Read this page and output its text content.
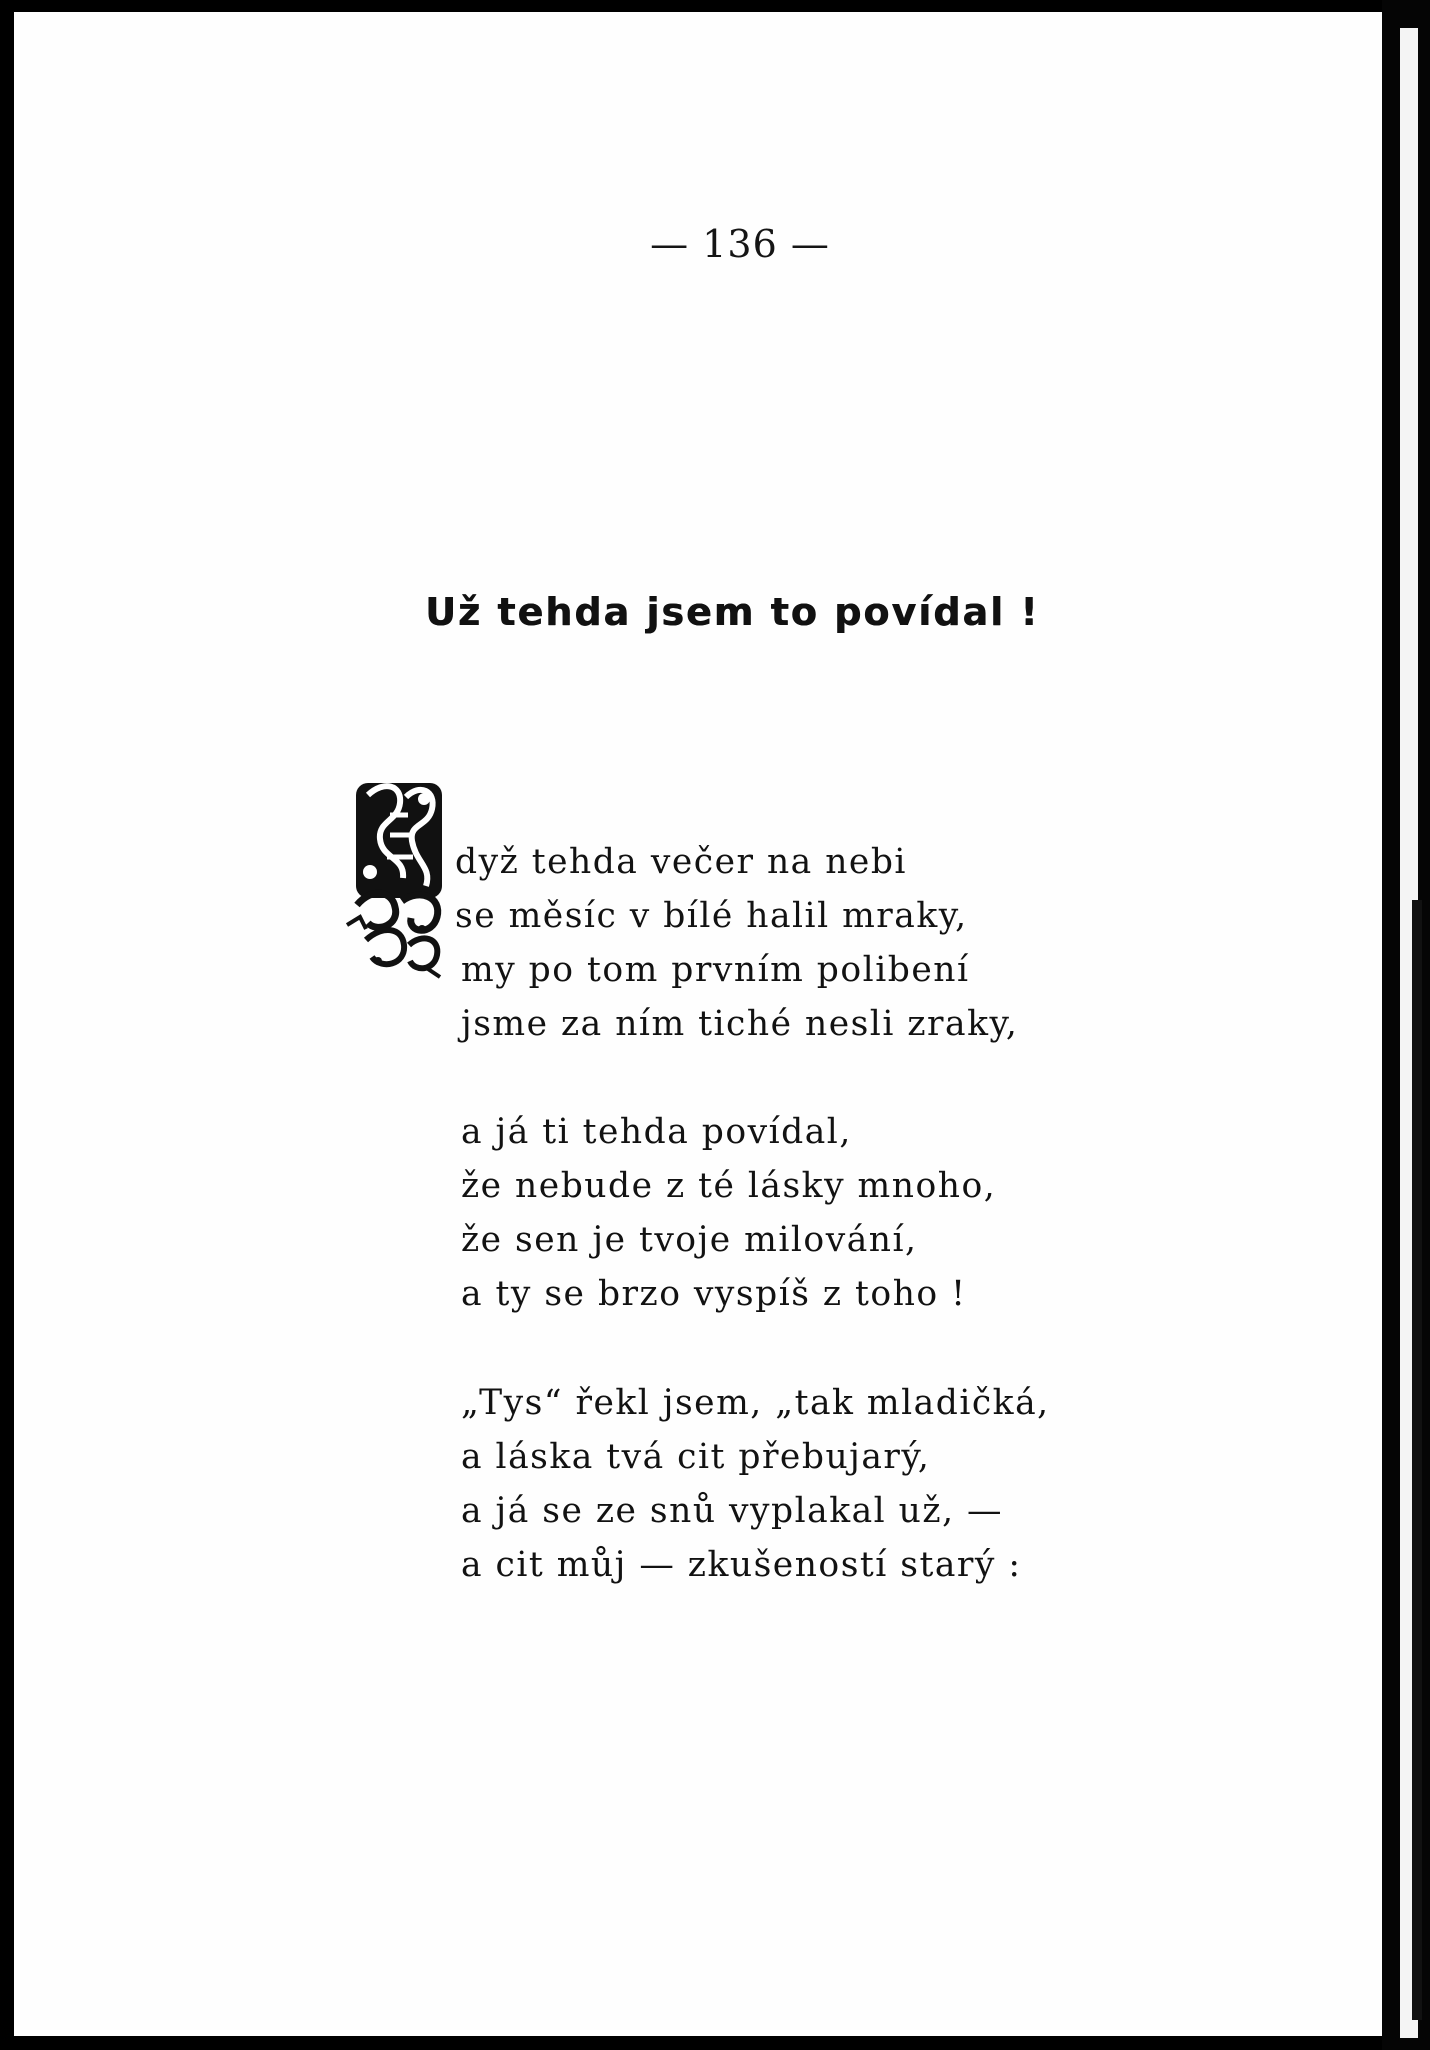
— 136 —
Už tehda jsem to povídal !
dyž tehda večer na nebi
se měsíc v bílé halil mraky,
my po tom prvním polibení
jsme za ním tiché nesli zraky,
a já ti tehda povídal,
že nebude z té lásky mnoho,
že sen je tvoje milování,
a ty se brzo vyspíš z toho !
„Tys“ řekl jsem, „tak mladičká,
a láska tvá cit přebujarý,
a já se ze snů vyplakal už, —
a cit můj — zkušeností starý :
